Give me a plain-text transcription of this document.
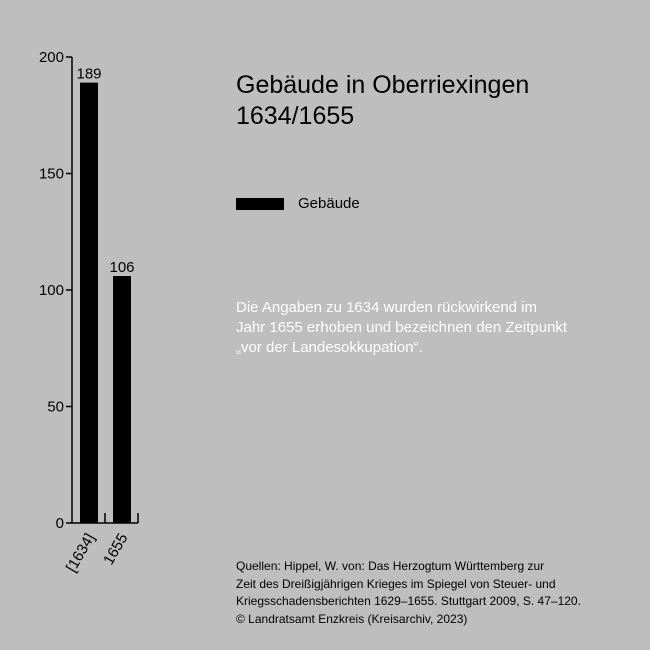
0
50
100
150
200
189
[1634]
106
1655
Gebäude in Oberriexingen
1634/1655
Gebäude
Die Angaben zu 1634 wurden rückwirkend im
Jahr 1655 erhoben und bezeichnen den Zeitpunkt
„vor der Landesokkupation“.
Quellen: Hippel, W. von: Das Herzogtum Württemberg zur
Zeit des Dreißigjährigen Krieges im Spiegel von Steuer- und
Kriegsschadensberichten 1629–1655. Stuttgart 2009, S. 47–120.
© Landratsamt Enzkreis (Kreisarchiv, 2023)
